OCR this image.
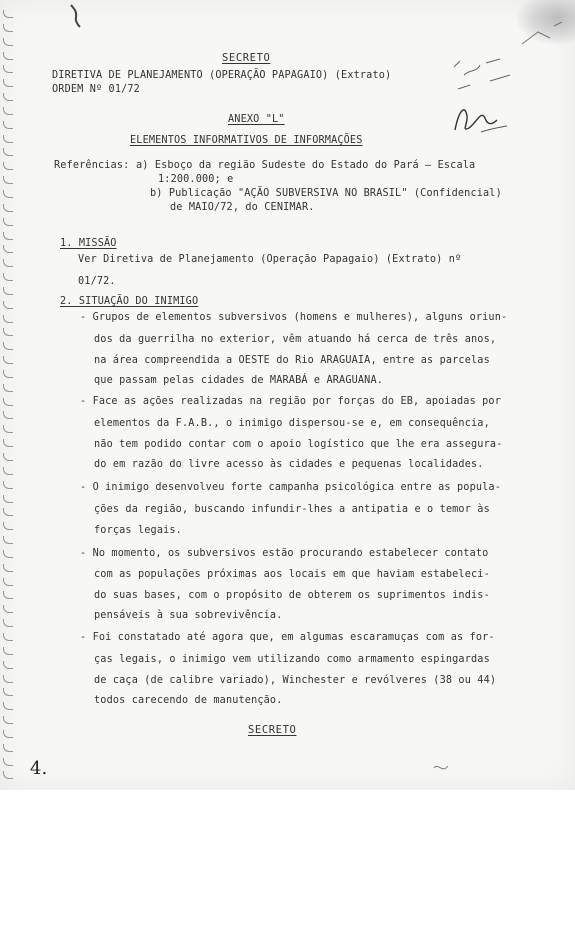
SECRETO
DIRETIVA DE PLANEJAMENTO (OPERAÇÃO PAPAGAIO) (Extrato)
ORDEM Nº 01/72
ANEXO "L"
ELEMENTOS INFORMATIVOS DE INFORMAÇÕES
Referências: a) Esboço da região Sudeste do Estado do Pará – Escala
1:200.000; e
b) Publicação "AÇÃO SUBVERSIVA NO BRASIL" (Confidencial)
de MAIO/72, do CENIMAR.
1. MISSÃO
Ver Diretiva de Planejamento (Operação Papagaio) (Extrato) nº
01/72.
2. SITUAÇÃO DO INIMIGO
- Grupos de elementos subversivos (homens e mulheres), alguns oriun-
dos da guerrilha no exterior, vêm atuando há cerca de três anos,
na área compreendida a OESTE do Rio ARAGUAIA, entre as parcelas
que passam pelas cidades de MARABÁ e ARAGUANA.
- Face as ações realizadas na região por forças do EB, apoiadas por
elementos da F.A.B., o inimigo dispersou-se e, em consequência,
não tem podido contar com o apoio logístico que lhe era assegura-
do em razão do livre acesso às cidades e pequenas localidades.
- O inimigo desenvolveu forte campanha psicológica entre as popula-
ções da região, buscando infundir-lhes a antipatia e o temor às
forças legais.
- No momento, os subversivos estão procurando estabelecer contato
com as populações próximas aos locais em que haviam estabeleci-
do suas bases, com o propósito de obterem os suprimentos indis-
pensáveis à sua sobrevivência.
- Foi constatado até agora que, em algumas escaramuças com as for-
ças legais, o inimigo vem utilizando como armamento espingardas
de caça (de calibre variado), Winchester e revólveres (38 ou 44)
todos carecendo de manutenção.
SECRETO
4.
